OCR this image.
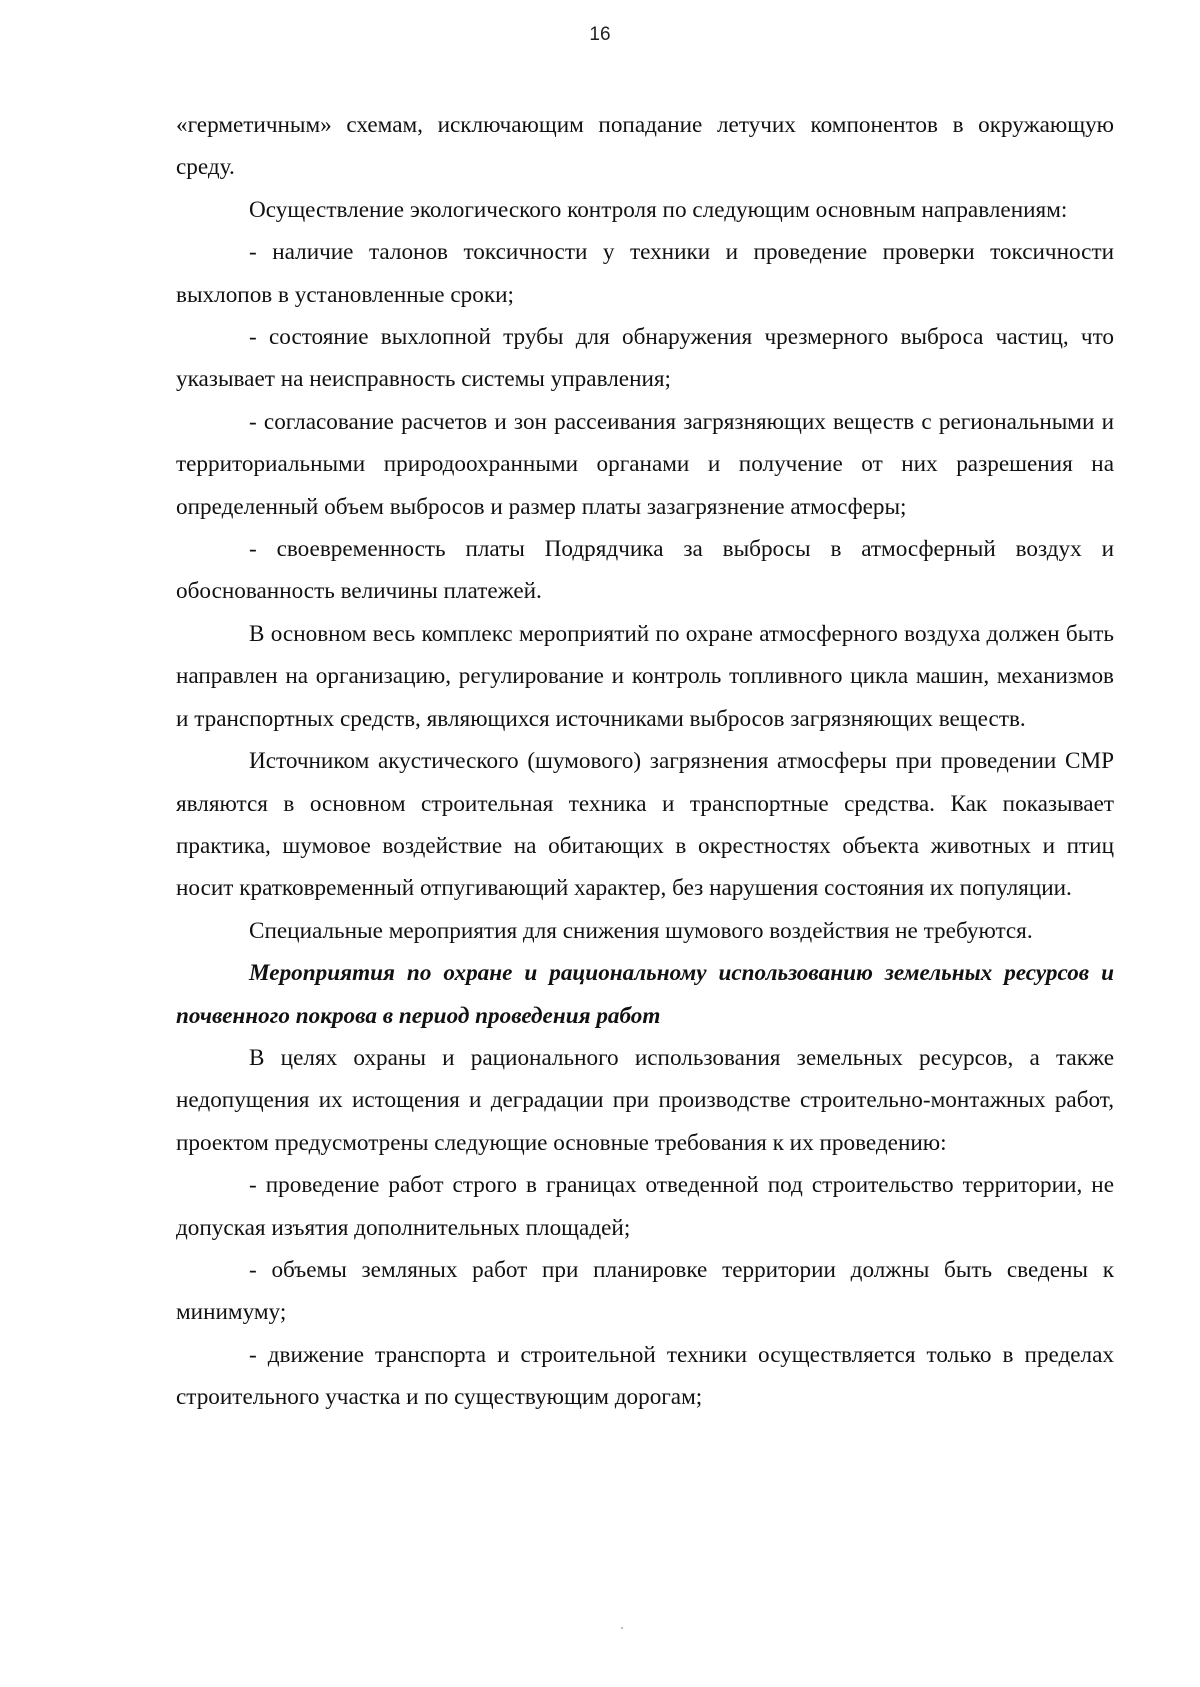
16

«герметичным» схемам, исключающим попадание летучих компонентов в окружающую среду.

Осуществление экологического контроля по следующим основным направлениям:

- наличие талонов токсичности у техники и проведение проверки токсичности выхлопов в установленные сроки;

- состояние выхлопной трубы для обнаружения чрезмерного выброса частиц, что указывает на неисправность системы управления;

- согласование расчетов и зон рассеивания загрязняющих веществ с региональными и территориальными природоохранными органами и получение от них разрешения на определенный объем выбросов и размер платы зазагрязнение атмосферы;

- своевременность платы Подрядчика за выбросы в атмосферный воздух и обоснованность величины платежей.

В основном весь комплекс мероприятий по охране атмосферного воздуха должен быть направлен на организацию, регулирование и контроль топливного цикла машин, механизмов и транспортных средств, являющихся источниками выбросов загрязняющих веществ.

Источником акустического (шумового) загрязнения атмосферы при проведении СМР являются в основном строительная техника и транспортные средства. Как показывает практика, шумовое воздействие на обитающих в окрестностях объекта животных и птиц носит кратковременный отпугивающий характер, без нарушения состояния их популяции.

Специальные мероприятия для снижения шумового воздействия не требуются.

Мероприятия по охране и рациональному использованию земельных ресурсов и почвенного покрова в период проведения работ

В целях охраны и рационального использования земельных ресурсов, а также недопущения их истощения и деградации при производстве строительно-монтажных работ, проектом предусмотрены следующие основные требования к их проведению:

- проведение работ строго в границах отведенной под строительство территории, не допуская изъятия дополнительных площадей;

- объемы земляных работ при планировке территории должны быть сведены к минимуму;

- движение транспорта и строительной техники осуществляется только в пределах строительного участка и по существующим дорогам;
